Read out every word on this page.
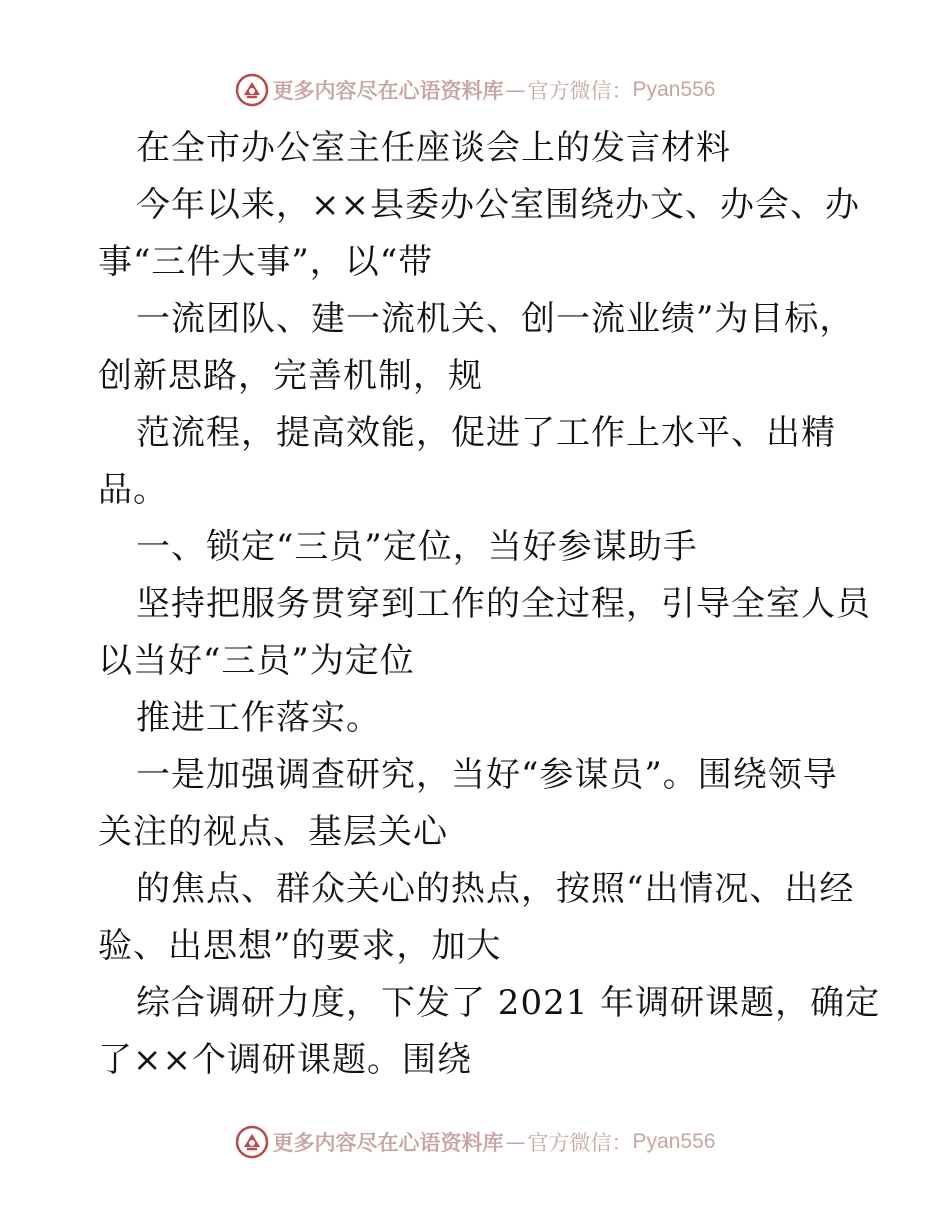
更多内容尽在心语资料库 — 官方微信： Pyan556
在全市办公室主任座谈会上的发言材料
今年以来，××县委办公室围绕办文、办会、办
事“三件大事”，以“带
一流团队、建一流机关、创一流业绩”为目标，
创新思路，完善机制，规
范流程，提高效能，促进了工作上水平、出精
品。
一、锁定“三员”定位，当好参谋助手
坚持把服务贯穿到工作的全过程，引导全室人员
以当好“三员”为定位
推进工作落实。
一是加强调查研究，当好“参谋员”。围绕领导
关注的视点、基层关心
的焦点、群众关心的热点，按照“出情况、出经
验、出思想”的要求，加大
综合调研力度，下发了 2021 年调研课题，确定
了××个调研课题。围绕
更多内容尽在心语资料库 — 官方微信： Pyan556
